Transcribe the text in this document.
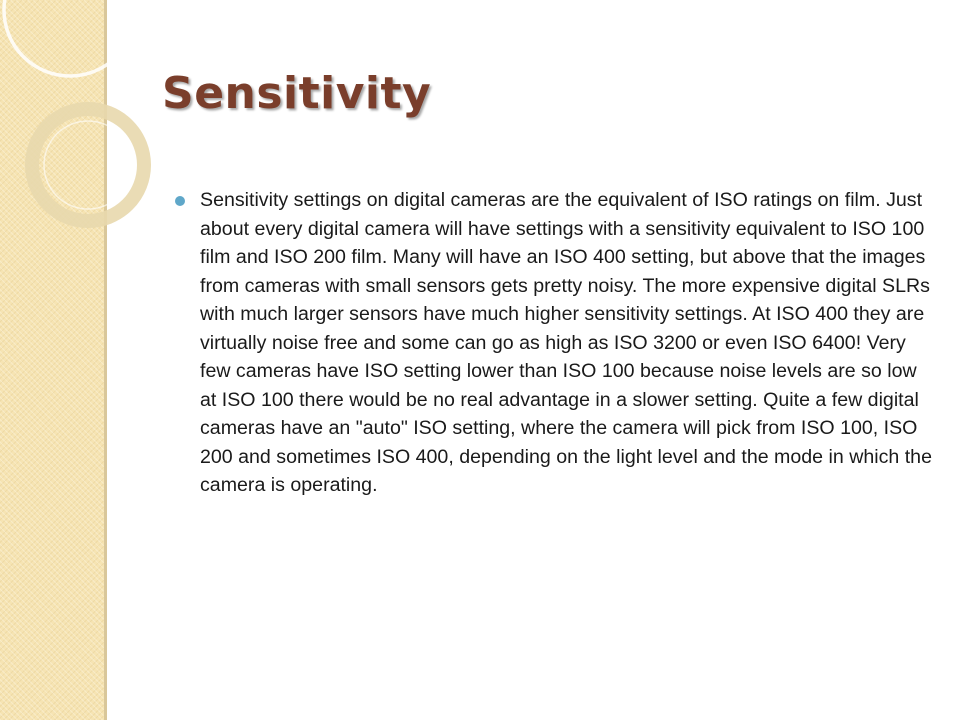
Sensitivity
Sensitivity settings on digital cameras are the equivalent of ISO ratings on film. Just about every digital camera will have settings with a sensitivity equivalent to ISO 100 film and ISO 200 film. Many will have an ISO 400 setting, but above that the images from cameras with small sensors gets pretty noisy. The more expensive digital SLRs with much larger sensors have much higher sensitivity settings. At ISO 400 they are virtually noise free and some can go as high as ISO 3200 or even ISO 6400! Very few cameras have ISO setting lower than ISO 100 because noise levels are so low at ISO 100 there would be no real advantage in a slower setting. Quite a few digital cameras have an "auto" ISO setting, where the camera will pick from ISO 100, ISO 200 and sometimes ISO 400, depending on the light level and the mode in which the camera is operating.
